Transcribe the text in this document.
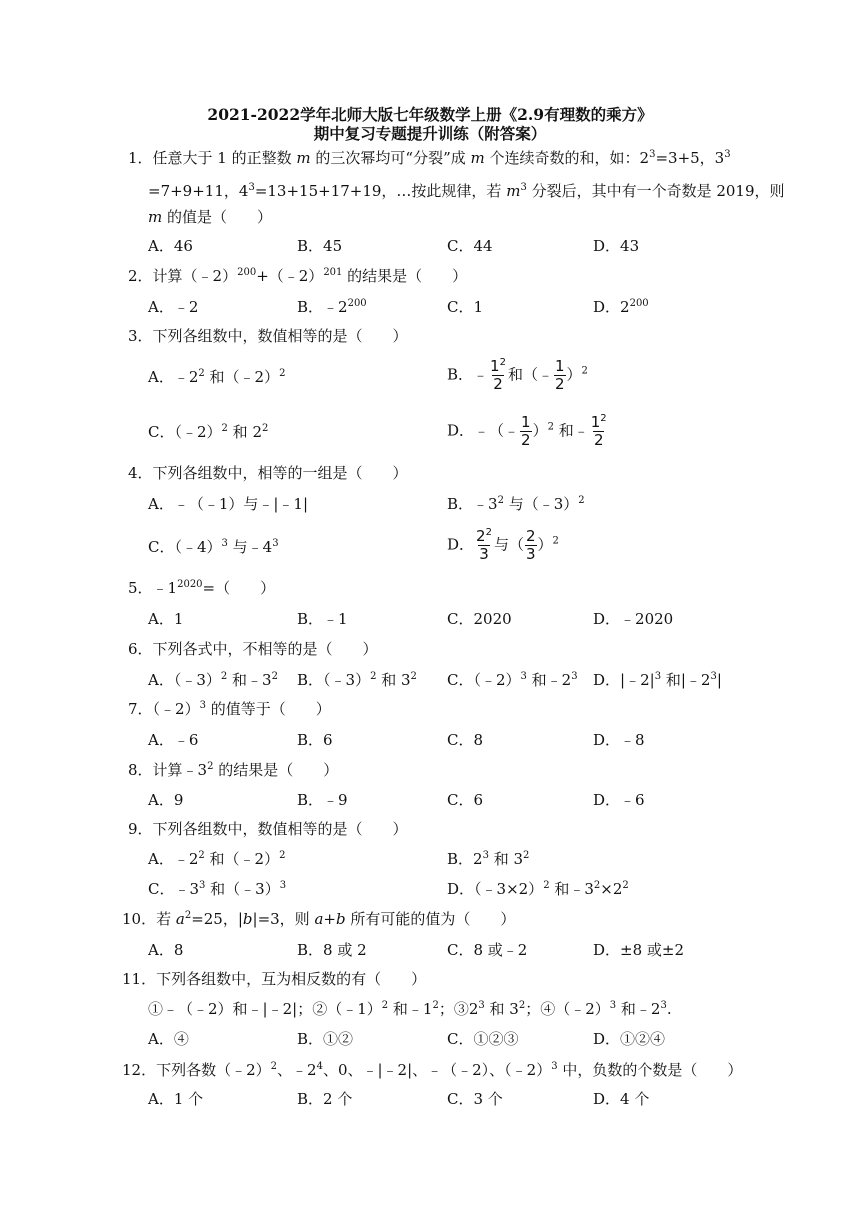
2021-2022学年北师大版七年级数学上册《2.9有理数的乘方》
期中复习专题提升训练（附答案）
1．任意大于 1 的正整数 m 的三次幂均可“分裂”成 m 个连续奇数的和，如：$2^3=3+5$，$3^3$
=7+9+11，$4^3=13+15+17+19$，…按此规律，若 $m^3$ 分裂后，其中有一个奇数是 2019，则
m 的值是（　　）
A．46	B．45	C．44	D．43
2．计算（﹣2）$^{200}$+（﹣2）$^{201}$ 的结果是（　　）
A．﹣2	B．$﹣2^{200}$	C．1	D．$2^{200}$
3．下列各组数中，数值相等的是（　　）
A．$﹣2^2$ 和（﹣2）$^2$	B．﹣ $\frac{1^2}{2}$ 和（﹣ $\frac{1}{2} )^2$
C．（﹣2）$^2$ 和 $2^2$	D．﹣（﹣ $\frac{1}{2} )^2$ 和﹣ $\frac{1^2}{2}$
4．下列各组数中，相等的一组是（　　）
A．﹣（﹣1）与﹣|﹣1|	B．$﹣3^2$ 与（﹣3）$^2$
C．（﹣4）$^3$ 与$﹣4^3$	D． $\frac{2^2}{3}$ 与（ $\frac{2}{3} )^2$
5．$﹣1^{2020}=$（　　）
A．1	B．﹣1	C．2020	D．﹣2020
6．下列各式中，不相等的是（　　）
A．（﹣3）$^2$ 和$﹣3^2$ B．（﹣3）$^2$ 和 $3^2$ C．（﹣2）$^3$ 和$﹣2^3$ D．$|﹣2|^3$ 和$|﹣2^3|$
7．（﹣2）$^3$ 的值等于（　　）
A．﹣6	B．6	C．8	D．﹣8
8．计算$﹣3^2$ 的结果是（　　）
A．9	B．﹣9	C．6	D．﹣6
9．下列各组数中，数值相等的是（　　）
A．$﹣2^2$ 和（﹣2）$^2$	B．$2^3$ 和 $3^2$
C．$﹣3^3$ 和（﹣3）$^3$	D．（﹣3×2）$^2$ 和$﹣3^2\times 2^2$
10．若 $a^2=25$，|b|=3，则 a+b 所有可能的值为（　　）
A．8	B．8 或 2	C．8 或﹣2	D．±8 或±2
11．下列各组数中，互为相反数的有（　　）
①﹣（﹣2）和﹣|﹣2|；②（﹣1）$^2$ 和$﹣1^2$；$③2^3$ 和 $3^2$；④（﹣2）$^3$ 和$﹣2^3$.
A．④	B．①②	C．①②③	D．①②④
12．下列各数（﹣2）$^2$、$﹣2^4$、0、﹣|﹣2|、﹣（﹣2）、（﹣2）$^3$ 中，负数的个数是（　　）
A．1 个	B．2 个	C．3 个	D．4 个
